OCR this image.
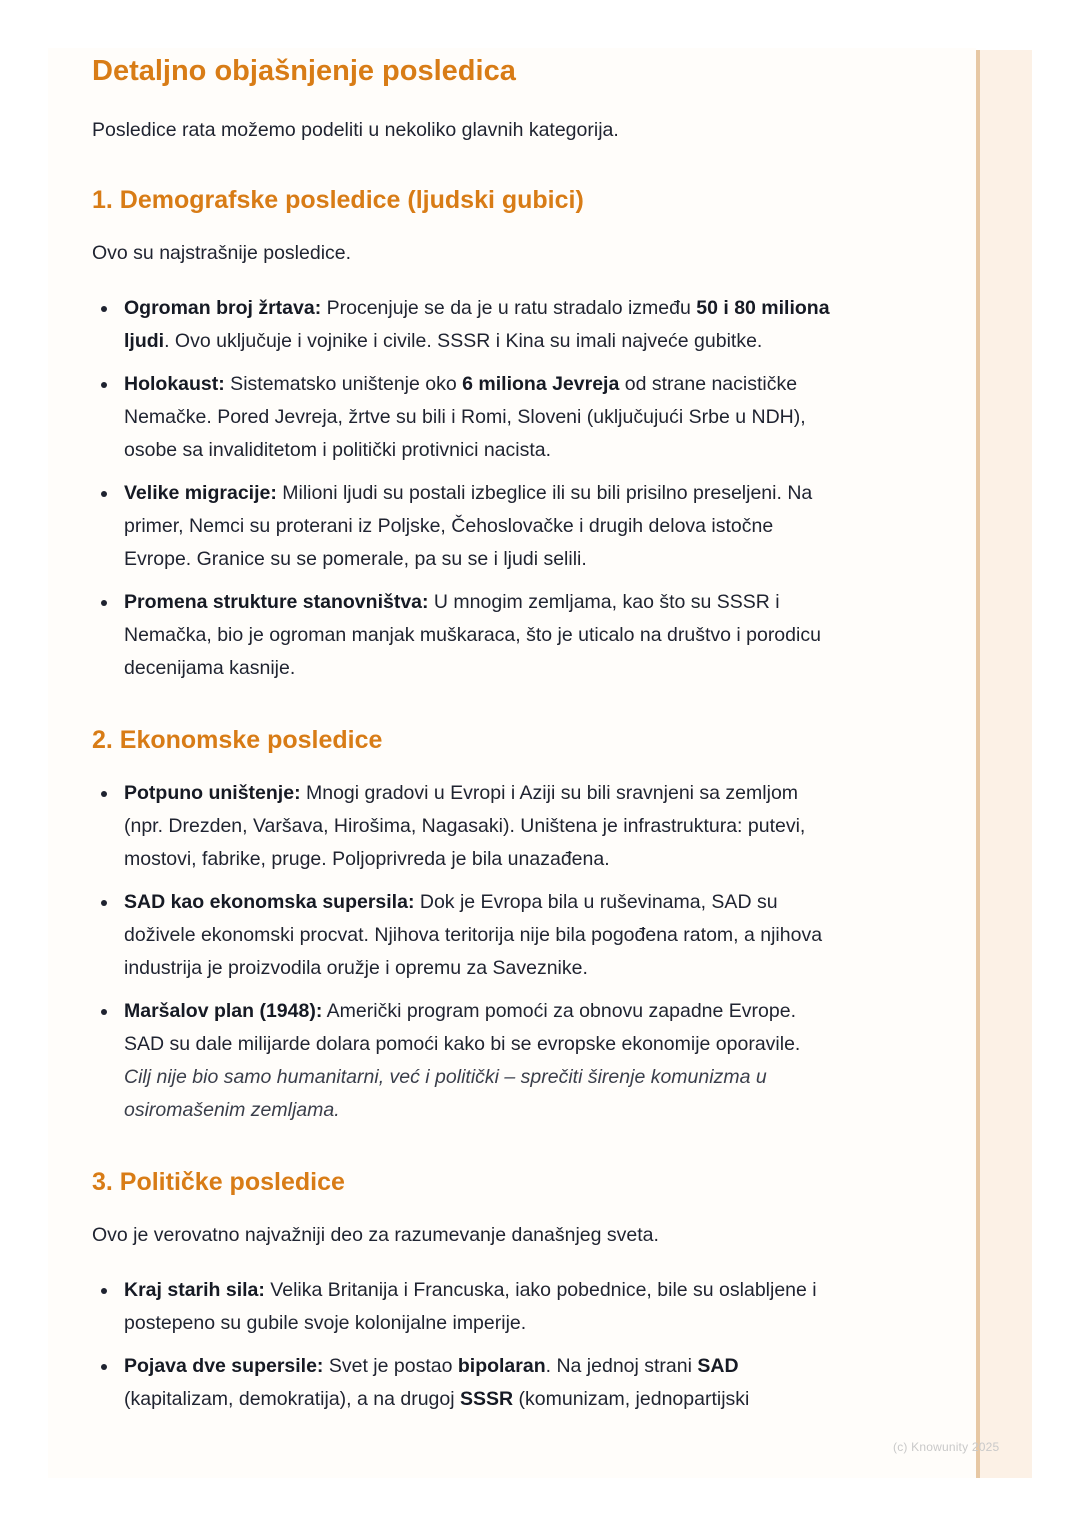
Detaljno objašnjenje posledica

Posledice rata možemo podeliti u nekoliko glavnih kategorija.

1. Demografske posledice (ljudski gubici)

Ovo su najstrašnije posledice.

Ogroman broj žrtava: Procenjuje se da je u ratu stradalo između 50 i 80 miliona ljudi. Ovo uključuje i vojnike i civile. SSSR i Kina su imali najveće gubitke.
Holokaust: Sistematsko uništenje oko 6 miliona Jevreja od strane nacističke Nemačke. Pored Jevreja, žrtve su bili i Romi, Sloveni (uključujući Srbe u NDH), osobe sa invaliditetom i politički protivnici nacista.
Velike migracije: Milioni ljudi su postali izbeglice ili su bili prisilno preseljeni. Na primer, Nemci su proterani iz Poljske, Čehoslovačke i drugih delova istočne Evrope. Granice su se pomerale, pa su se i ljudi selili.
Promena strukture stanovništva: U mnogim zemljama, kao što su SSSR i Nemačka, bio je ogroman manjak muškaraca, što je uticalo na društvo i porodicu decenijama kasnije.
2. Ekonomske posledice
Potpuno uništenje: Mnogi gradovi u Evropi i Aziji su bili sravnjeni sa zemljom (npr. Drezden, Varšava, Hirošima, Nagasaki). Uništena je infrastruktura: putevi, mostovi, fabrike, pruge. Poljoprivreda je bila unazađena.
SAD kao ekonomska supersila: Dok je Evropa bila u ruševinama, SAD su doživele ekonomski procvat. Njihova teritorija nije bila pogođena ratom, a njihova industrija je proizvodila oružje i opremu za Saveznike.
Maršalov plan (1948): Američki program pomoći za obnovu zapadne Evrope. SAD su dale milijarde dolara pomoći kako bi se evropske ekonomije oporavile. Cilj nije bio samo humanitarni, već i politički – sprečiti širenje komunizma u osiromašenim zemljama.
3. Političke posledice

Ovo je verovatno najvažniji deo za razumevanje današnjeg sveta.

Kraj starih sila: Velika Britanija i Francuska, iako pobednice, bile su oslabljene i postepeno su gubile svoje kolonijalne imperije.
Pojava dve supersile: Svet je postao bipolaran. Na jednoj strani SAD (kapitalizam, demokratija), a na drugoj SSSR (komunizam, jednopartijski
(c) Knowunity 2025
